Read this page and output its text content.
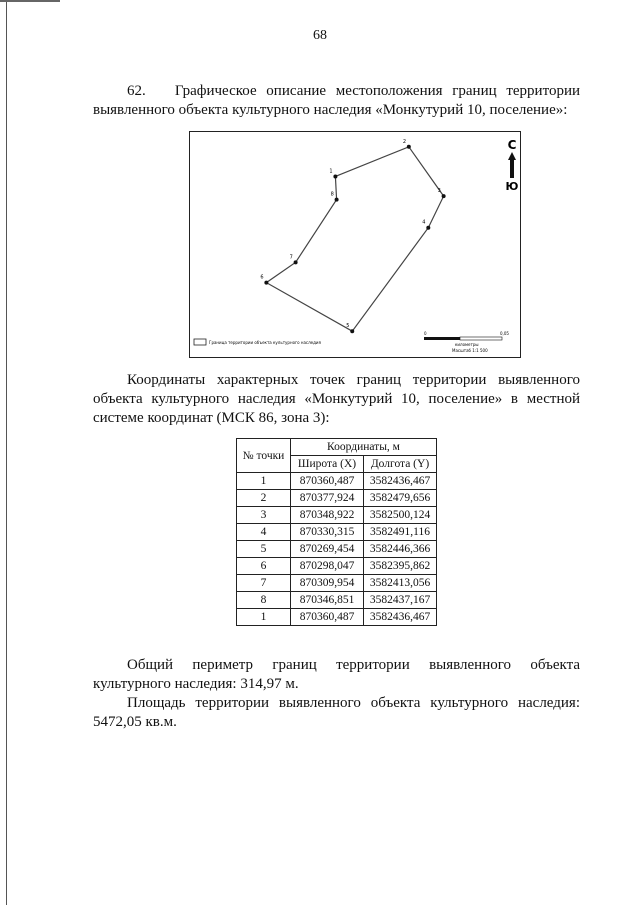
68
62. Графическое описание местоположения границ территории выявленного объекта культурного наследия «Монкутурий 10, поселение»:
1
2
3
4
5
6
7
8
С
Ю
Граница территории объекта культурного наследия
0	0,05
километры
Масштаб 1:1 500
Координаты характерных точек границ территории выявленного объекта культурного наследия «Монкутурий 10, поселение» в местной системе координат (МСК 86, зона 3):
№ точки	Координаты, м	
	Широта (X)	Долгота (Y)
1	870360,487	3582436,467
2	870377,924	3582479,656
3	870348,922	3582500,124
4	870330,315	3582491,116
5	870269,454	3582446,366
6	870298,047	3582395,862
7	870309,954	3582413,056
8	870346,851	3582437,167
1	870360,487	3582436,467
Общий периметр границ территории выявленного объекта культурного наследия: 314,97 м.
Площадь территории выявленного объекта культурного наследия: 5472,05 кв.м.
